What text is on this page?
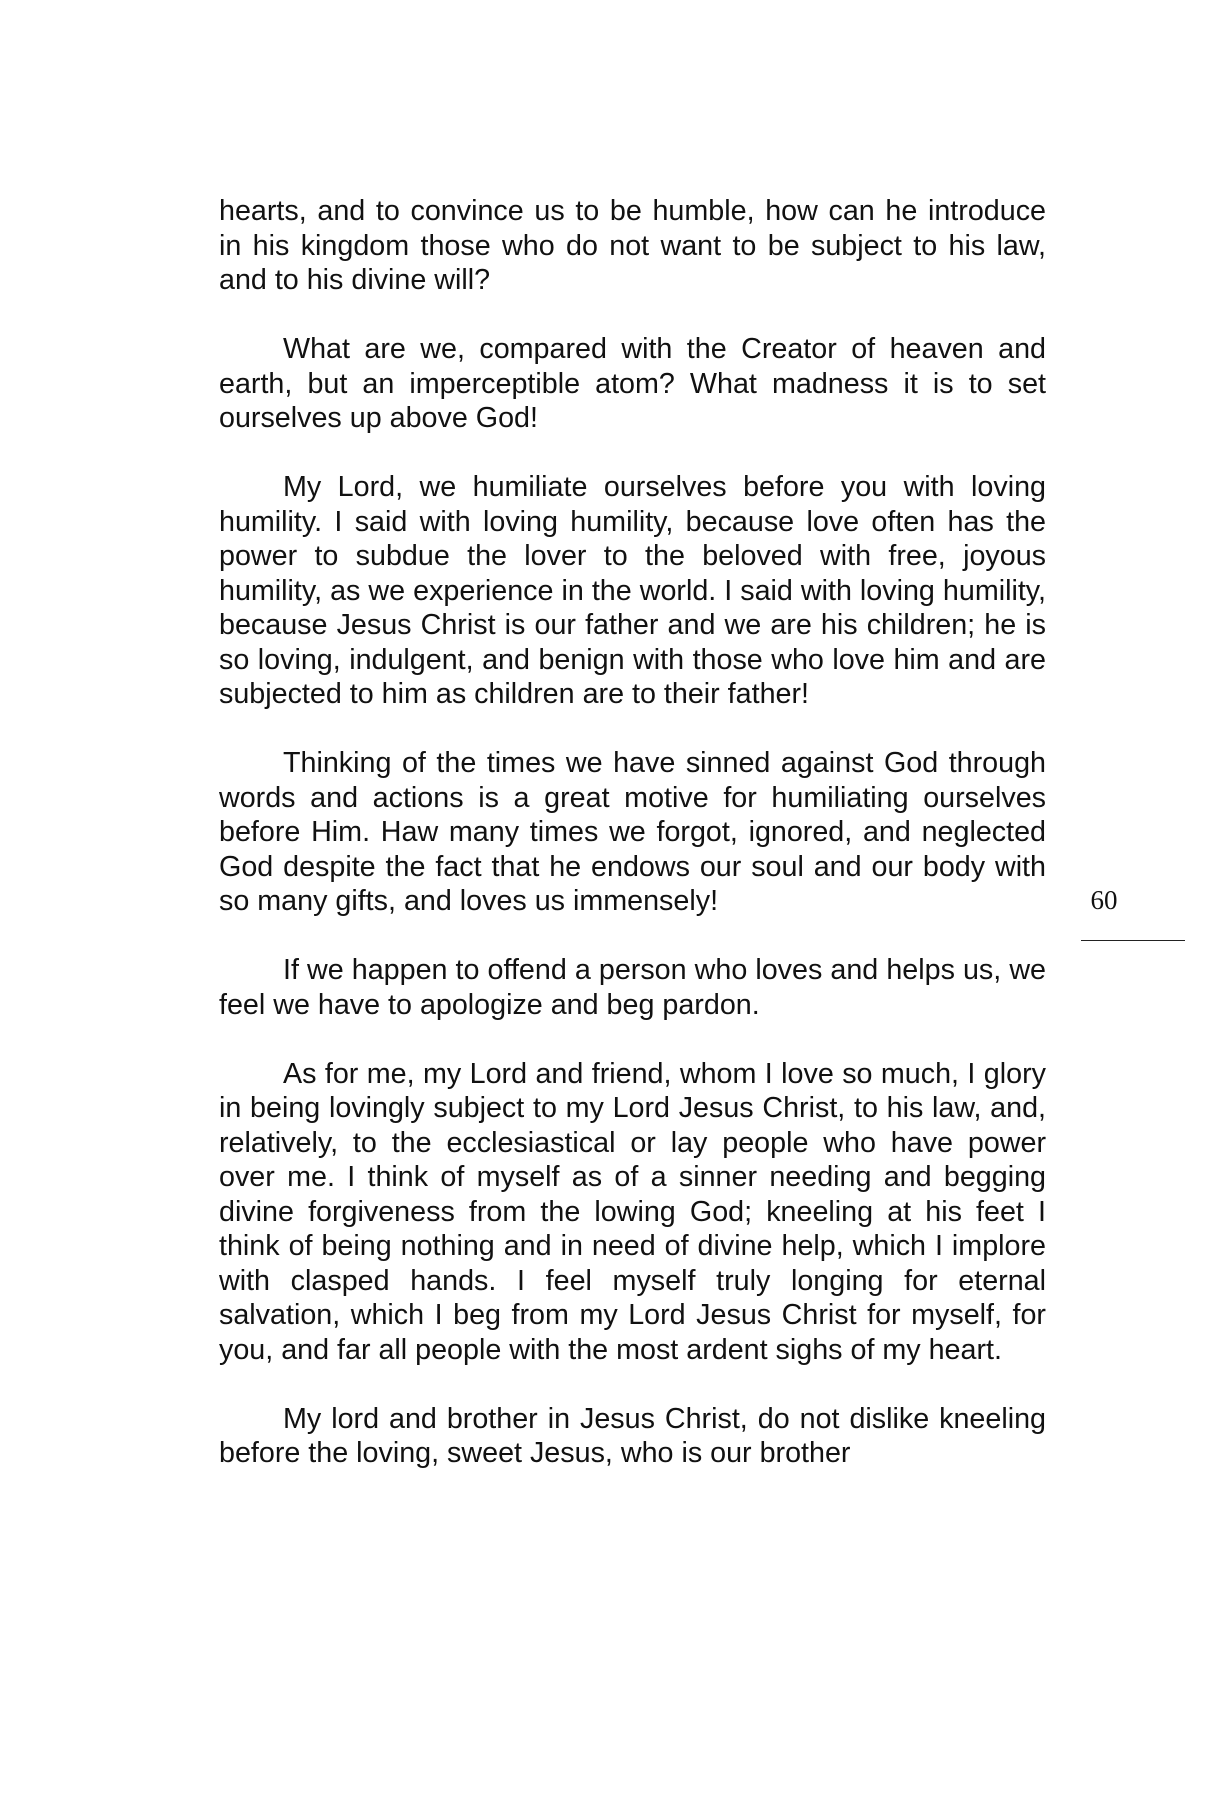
hearts, and to convince us to be humble, how can he introduce in his kingdom those who do not want to be subject to his law, and to his divine will?

What are we, compared with the Creator of heaven and earth, but an imperceptible atom? What madness it is to set ourselves up above God!

My Lord, we humiliate ourselves before you with loving humility. I said with loving humility, because love often has the power to subdue the lover to the beloved with free, joyous humility, as we experience in the world. I said with loving humility, because Jesus Christ is our father and we are his children; he is so loving, indulgent, and benign with those who love him and are subjected to him as children are to their father!

Thinking of the times we have sinned against God through words and actions is a great motive for humiliating ourselves before Him. Haw many times we forgot, ignored, and neglected God despite the fact that he endows our soul and our body with so many gifts, and loves us immensely!

If we happen to offend a person who loves and helps us, we feel we have to apologize and beg pardon.

As for me, my Lord and friend, whom I love so much, I glory in being lovingly subject to my Lord Jesus Christ, to his law, and, relatively, to the ecclesiastical or lay people who have power over me. I think of myself as of a sinner needing and begging divine forgiveness from the lowing God; kneeling at his feet I think of being nothing and in need of divine help, which I implore with clasped hands. I feel myself truly longing for eternal salvation, which I beg from my Lord Jesus Christ for myself, for you, and far all people with the most ardent sighs of my heart.

My lord and brother in Jesus Christ, do not dislike kneeling before the loving, sweet Jesus, who is our brother

60
